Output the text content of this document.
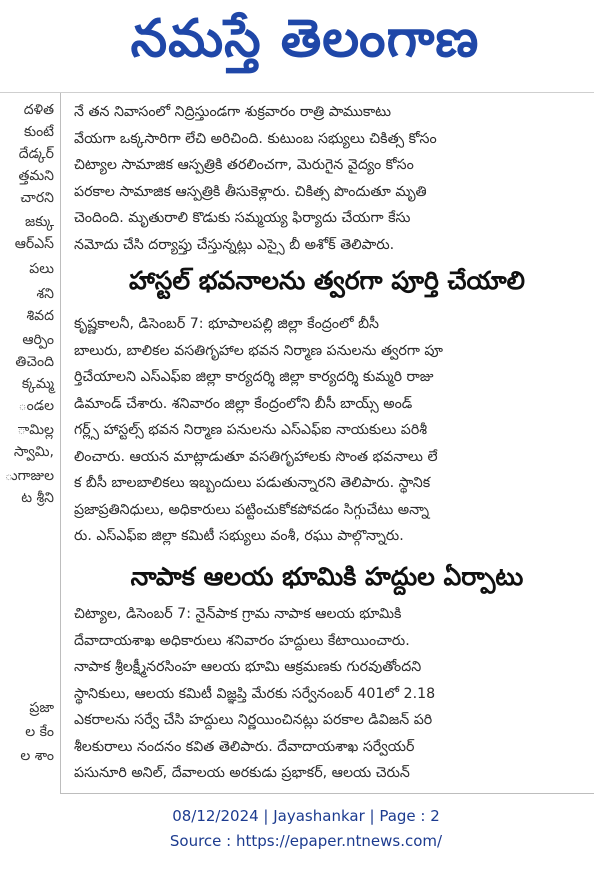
నమస్తే తెలంగాణ
దళిత
కుంటే
దేడ్కర్
త్తమని
చారని
జక్కు
ఆర్ఎస్
పలు
శని
శివద
ఆర్పిం
తిచెంది
క్కమ్మ
ండల
ామిల్ల
స్వామి,
ుగాజుల
ట శ్రీని
ప్రజా
ల కేం
ల శాం
నే తన నివాసంలో నిద్రిస్తుండగా శుక్రవారం రాత్రి పాముకాటు
వేయగా ఒక్కసారిగా లేచి అరిచింది. కుటుంబ సభ్యులు చికిత్స కోసం
చిట్యాల సామాజిక ఆస్పత్రికి తరలించగా, మెరుగైన వైద్యం కోసం
పరకాల సామాజిక ఆస్పత్రికి తీసుకెళ్లారు. చికిత్స పొందుతూ మృతి
చెందింది. మృతురాలి కొడుకు సమ్మయ్య ఫిర్యాదు చేయగా కేసు
నమోదు చేసి దర్యాప్తు చేస్తున్నట్లు ఎస్సై బీ అశోక్ తెలిపారు.
హాస్టల్ భవనాలను త్వరగా పూర్తి చేయాలి
కృష్ణకాలనీ, డిసెంబర్ 7: భూపాలపల్లి జిల్లా కేంద్రంలో బీసీ
బాలురు, బాలికల వసతిగృహాల భవన నిర్మాణ పనులను త్వరగా పూ
ర్తిచేయాలని ఎస్ఎఫ్ఐ జిల్లా కార్యదర్శి జిల్లా కార్యదర్శి కుమ్మరి రాజు
డిమాండ్ చేశారు. శనివారం జిల్లా కేంద్రంలోని బీసీ బాయ్స్ అండ్
గర్ల్స్ హాస్టల్స్ భవన నిర్మాణ పనులను ఎస్ఎఫ్ఐ నాయకులు పరిశీ
లించారు. ఆయన మాట్లాడుతూ వసతిగృహాలకు సొంత భవనాలు లే
క బీసీ బాలబాలికలు ఇబ్బందులు పడుతున్నారని తెలిపారు. స్థానిక
ప్రజాప్రతినిధులు, అధికారులు పట్టించుకోకపోవడం సిగ్గుచేటు అన్నా
రు. ఎస్ఎఫ్ఐ జిల్లా కమిటీ సభ్యులు వంశీ, రఘు పాల్గొన్నారు.
నాపాక ఆలయ భూమికి హద్దుల ఏర్పాటు
చిట్యాల, డిసెంబర్ 7: నైన్‌పాక గ్రామ నాపాక ఆలయ భూమికి
దేవాదాయశాఖ అధికారులు శనివారం హద్దులు కేటాయించారు.
నాపాక శ్రీలక్ష్మీనరసింహ ఆలయ భూమి ఆక్రమణకు గురవుతోందని
స్థానికులు, ఆలయ కమిటీ విజ్ఞప్తి మేరకు సర్వేనంబర్ 401లో 2.18
ఎకరాలను సర్వే చేసి హద్దులు నిర్ణయించినట్లు పరకాల డివిజన్ పరి
శీలకురాలు నందనం కవిత తెలిపారు. దేవాదాయశాఖ సర్వేయర్
పసునూరి అనిల్, దేవాలయ అరకుడు ప్రభాకర్, ఆలయ చెరున్
08/12/2024 | Jayashankar | Page : 2
Source : https://epaper.ntnews.com/
